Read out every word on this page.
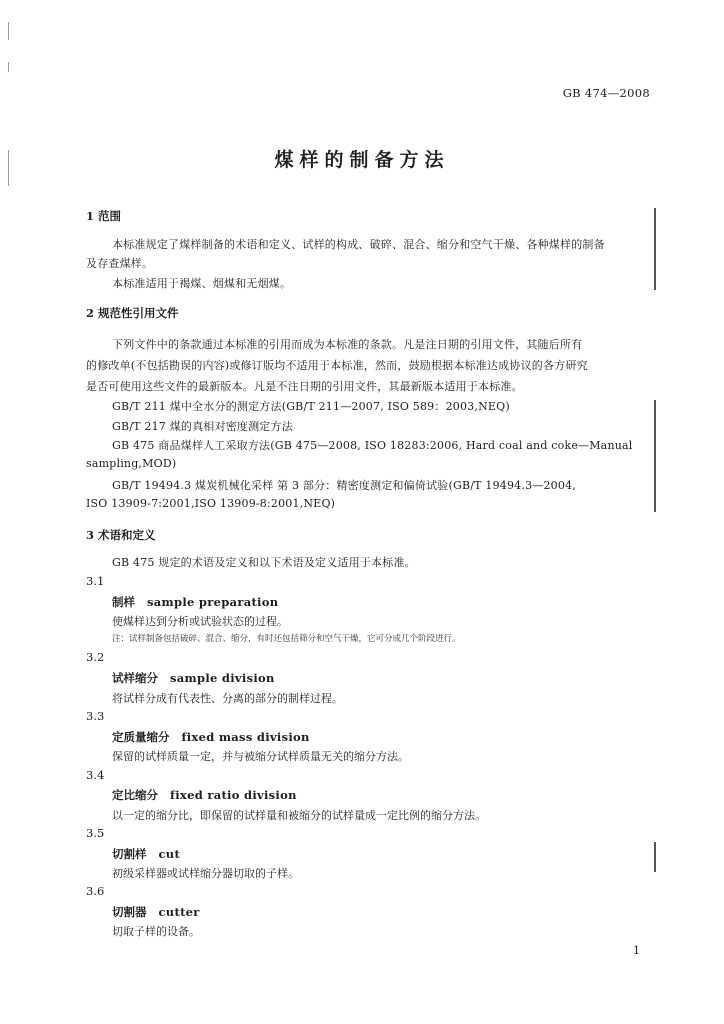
GB 474—2008
煤样的制备方法
1 范围
本标准规定了煤样制备的术语和定义、试样的构成、破碎、混合、缩分和空气干燥、各种煤样的制备
及存查煤样。
本标准适用于褐煤、烟煤和无烟煤。
2 规范性引用文件
下列文件中的条款通过本标准的引用而成为本标准的条款。凡是注日期的引用文件，其随后所有
的修改单(不包括勘误的内容)或修订版均不适用于本标准，然而，鼓励根据本标准达成协议的各方研究
是否可使用这些文件的最新版本。凡是不注日期的引用文件，其最新版本适用于本标准。
GB/T 211 煤中全水分的测定方法(GB/T 211—2007, ISO 589：2003,NEQ)
GB/T 217 煤的真相对密度测定方法
GB 475 商品煤样人工采取方法(GB 475—2008, ISO 18283:2006, Hard coal and coke—Manual
sampling,MOD)
GB/T 19494.3 煤炭机械化采样 第 3 部分：精密度测定和偏倚试验(GB/T 19494.3—2004,
ISO 13909-7:2001,ISO 13909-8:2001,NEQ)
3 术语和定义
GB 475 规定的术语及定义和以下术语及定义适用于本标准。
3.1
制样 sample preparation
使煤样达到分析或试验状态的过程。
注：试样制备包括破碎、混合、缩分，有时还包括筛分和空气干燥，它可分成几个阶段进行。
3.2
试样缩分 sample division
将试样分成有代表性、分离的部分的制样过程。
3.3
定质量缩分 fixed mass division
保留的试样质量一定，并与被缩分试样质量无关的缩分方法。
3.4
定比缩分 fixed ratio division
以一定的缩分比，即保留的试样量和被缩分的试样量成一定比例的缩分方法。
3.5
切割样 cut
初级采样器或试样缩分器切取的子样。
3.6
切割器 cutter
切取子样的设备。
1
